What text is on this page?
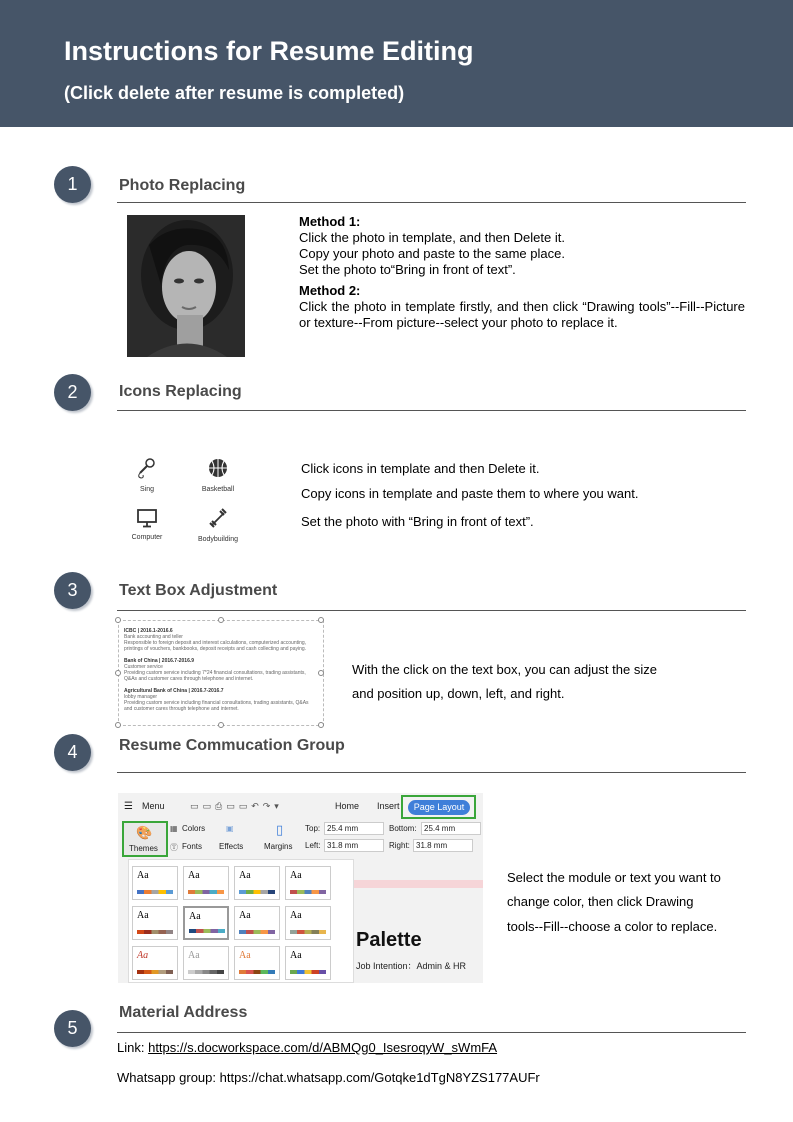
Instructions for Resume Editing
(Click delete after resume is completed)
1	Photo Replacing
Method 1:
Click the photo in template, and then Delete it.
Copy your photo and paste to the same place.
Set the photo to“Bring in front of text”.
Method 2:
Click the photo in template firstly, and then click “Drawing tools”--Fill--Picture or texture--From picture--select your photo to replace it.
2	Icons Replacing
Sing	Basketball
Computer	Bodybuilding
Click icons in template and then Delete it.
Copy icons in template and paste them to where you want.
Set the photo with “Bring in front of text”.
3	Text Box Adjustment
ICBC | 2016.1-2016.6
Bank accounting and teller
Responsible to foreign deposit and interest calculations, computerized accounting, printings of vouchers, bankbooks, deposit receipts and cash collecting and paying.
Bank of China | 2016.7-2016.9
Customer service
Providing custom service including 7*24 financial consultations, trading assistants, Q&As and customer cares through telephone and internet.
Agricultural Bank of China | 2016.7-2016.7
lobby manager
Providing custom service including financial consultations, trading assistants, Q&As and customer cares through telephone and internet.
With the click on the text box, you can adjust the size
and position up, down, left, and right.
4	Resume Commucation Group
☰ Menu	▭▭⎙▭▭↶↷▾	Home Insert	Page Layout
🎨
Themes
▦ Colors
Ⓣ Fonts
▣
Effects
▯
Margins
Top: 25.4 mm	Bottom: 25.4 mm
Left: 31.8 mm	Right: 31.8 mm
Aa	Aa	Aa	Aa
Aa	Aa	Aa	Aa
Aa	Aa	Aa	Aa
Palette
Job Intention：Admin & HR
Select the module or text you want to
change color, then click Drawing
tools--Fill--choose a color to replace.
5
Material Address
Link: https://s.docworkspace.com/d/ABMQg0_IsesroqyW_sWmFA
Whatsapp group: https://chat.whatsapp.com/Gotqke1dTgN8YZS177AUFr
